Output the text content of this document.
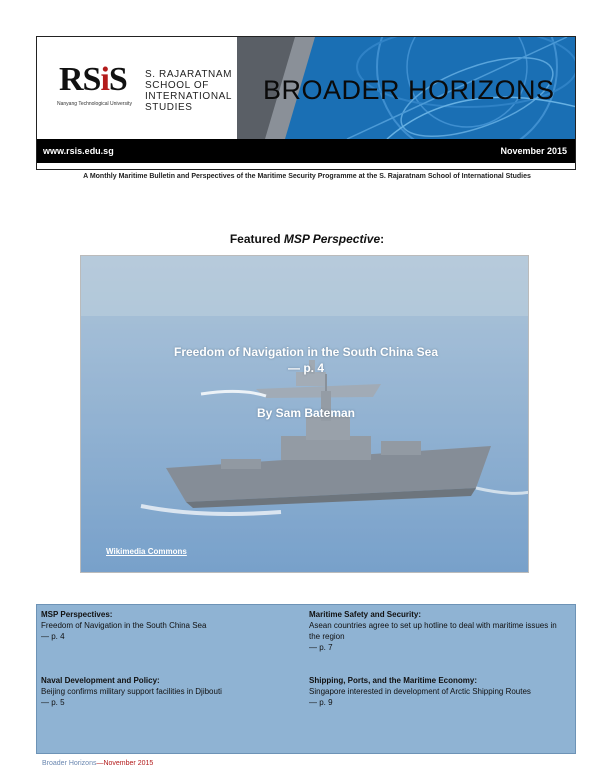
RSiS
Nanyang Technological University
S. RAJARATNAM
SCHOOL OF
INTERNATIONAL
STUDIES
BROADER HORIZONS
www.rsis.edu.sg	November 2015
A Monthly Maritime Bulletin and Perspectives of the Maritime Security Programme at the S. Rajaratnam School of International Studies
Featured MSP Perspective:
Freedom of Navigation in the South China Sea — p. 4
By Sam Bateman
Wikimedia Commons
MSP Perspectives:
Freedom of Navigation in the South China Sea
— p. 4
Maritime Safety and Security:
Asean countries agree to set up hotline to deal with maritime issues in the region
— p. 7
Naval Development and Policy:
Beijing confirms military support facilities in Djibouti
— p. 5
Shipping, Ports, and the Maritime Economy:
Singapore interested in development of Arctic Shipping Routes
— p. 9
Broader Horizons—November 2015
